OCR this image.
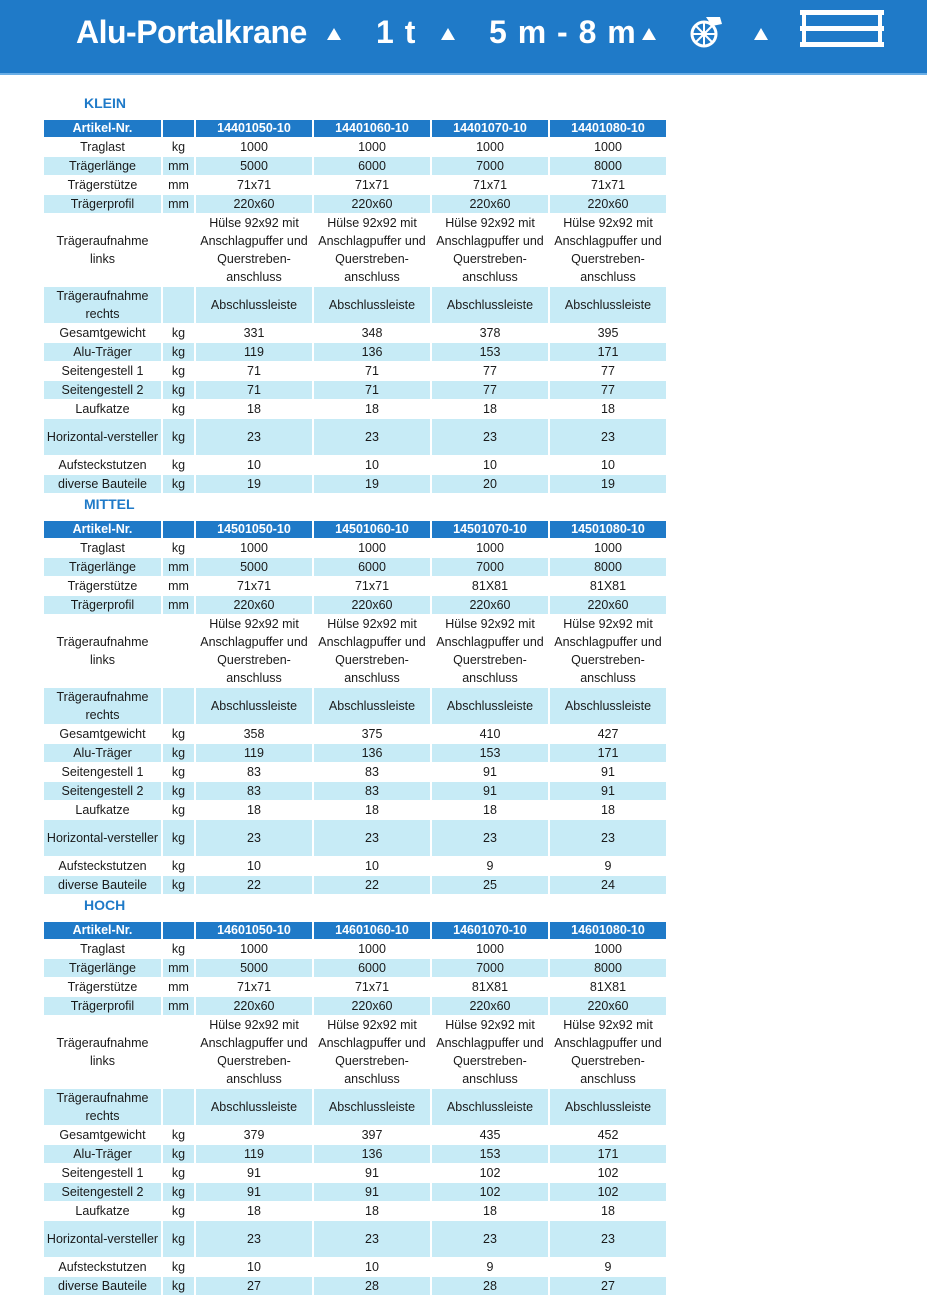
Alu-Portalkrane 1 t 5 m - 8 m
KLEIN
Artikel-Nr.		14401050-10	14401060-10	14401070-10	14401080-10
Traglast	kg	1000	1000	1000	1000
Trägerlänge	mm	5000	6000	7000	8000
Trägerstütze	mm	71x71	71x71	71x71	71x71
Trägerprofil	mm	220x60	220x60	220x60	220x60
Trägeraufnahme links		Hülse 92x92 mit Anschlagpuffer und Querstreben-anschluss	Hülse 92x92 mit Anschlagpuffer und Querstreben-anschluss	Hülse 92x92 mit Anschlagpuffer und Querstreben-anschluss	Hülse 92x92 mit Anschlagpuffer und Querstreben-anschluss
Trägeraufnahme rechts		Abschlussleiste	Abschlussleiste	Abschlussleiste	Abschlussleiste
Gesamtgewicht	kg	331	348	378	395
Alu-Träger	kg	119	136	153	171
Seitengestell 1	kg	71	71	77	77
Seitengestell 2	kg	71	71	77	77
Laufkatze	kg	18	18	18	18
Horizontal-versteller	kg	23	23	23	23
Aufsteckstutzen	kg	10	10	10	10
diverse Bauteile	kg	19	19	20	19
MITTEL
Artikel-Nr.		14501050-10	14501060-10	14501070-10	14501080-10
Traglast	kg	1000	1000	1000	1000
Trägerlänge	mm	5000	6000	7000	8000
Trägerstütze	mm	71x71	71x71	81X81	81X81
Trägerprofil	mm	220x60	220x60	220x60	220x60
Trägeraufnahme links		Hülse 92x92 mit Anschlagpuffer und Querstreben-anschluss	Hülse 92x92 mit Anschlagpuffer und Querstreben-anschluss	Hülse 92x92 mit Anschlagpuffer und Querstreben-anschluss	Hülse 92x92 mit Anschlagpuffer und Querstreben-anschluss
Trägeraufnahme rechts		Abschlussleiste	Abschlussleiste	Abschlussleiste	Abschlussleiste
Gesamtgewicht	kg	358	375	410	427
Alu-Träger	kg	119	136	153	171
Seitengestell 1	kg	83	83	91	91
Seitengestell 2	kg	83	83	91	91
Laufkatze	kg	18	18	18	18
Horizontal-versteller	kg	23	23	23	23
Aufsteckstutzen	kg	10	10	9	9
diverse Bauteile	kg	22	22	25	24
HOCH
Artikel-Nr.		14601050-10	14601060-10	14601070-10	14601080-10
Traglast	kg	1000	1000	1000	1000
Trägerlänge	mm	5000	6000	7000	8000
Trägerstütze	mm	71x71	71x71	81X81	81X81
Trägerprofil	mm	220x60	220x60	220x60	220x60
Trägeraufnahme links		Hülse 92x92 mit Anschlagpuffer und Querstreben-anschluss	Hülse 92x92 mit Anschlagpuffer und Querstreben-anschluss	Hülse 92x92 mit Anschlagpuffer und Querstreben-anschluss	Hülse 92x92 mit Anschlagpuffer und Querstreben-anschluss
Trägeraufnahme rechts		Abschlussleiste	Abschlussleiste	Abschlussleiste	Abschlussleiste
Gesamtgewicht	kg	379	397	435	452
Alu-Träger	kg	119	136	153	171
Seitengestell 1	kg	91	91	102	102
Seitengestell 2	kg	91	91	102	102
Laufkatze	kg	18	18	18	18
Horizontal-versteller	kg	23	23	23	23
Aufsteckstutzen	kg	10	10	9	9
diverse Bauteile	kg	27	28	28	27
